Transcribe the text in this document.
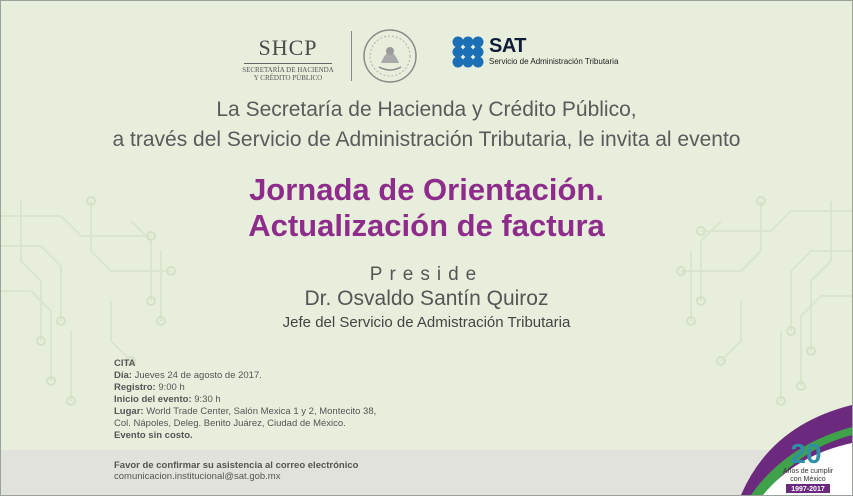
SHCP
SECRETARÍA DE HACIENDA
Y CRÉDITO PÚBLICO
SAT
Servicio de Administración Tributaria
La Secretaría de Hacienda y Crédito Público,
a través del Servicio de Administración Tributaria, le invita al evento
Jornada de Orientación.
Actualización de factura
Preside
Dr. Osvaldo Santín Quiroz
Jefe del Servicio de Admistración Tributaria
CITA
Día: Jueves 24 de agosto de 2017.
Registro: 9:00 h
Inicio del evento: 9:30 h
Lugar: World Trade Center, Salón Mexica 1 y 2, Montecito 38,
Col. Nápoles, Deleg. Benito Juárez, Ciudad de México.
Evento sin costo.
Favor de confirmar su asistencia al correo electrónico
comunicacion.institucional@sat.gob.mx
20
Años de cumplir
con México
1997-2017
